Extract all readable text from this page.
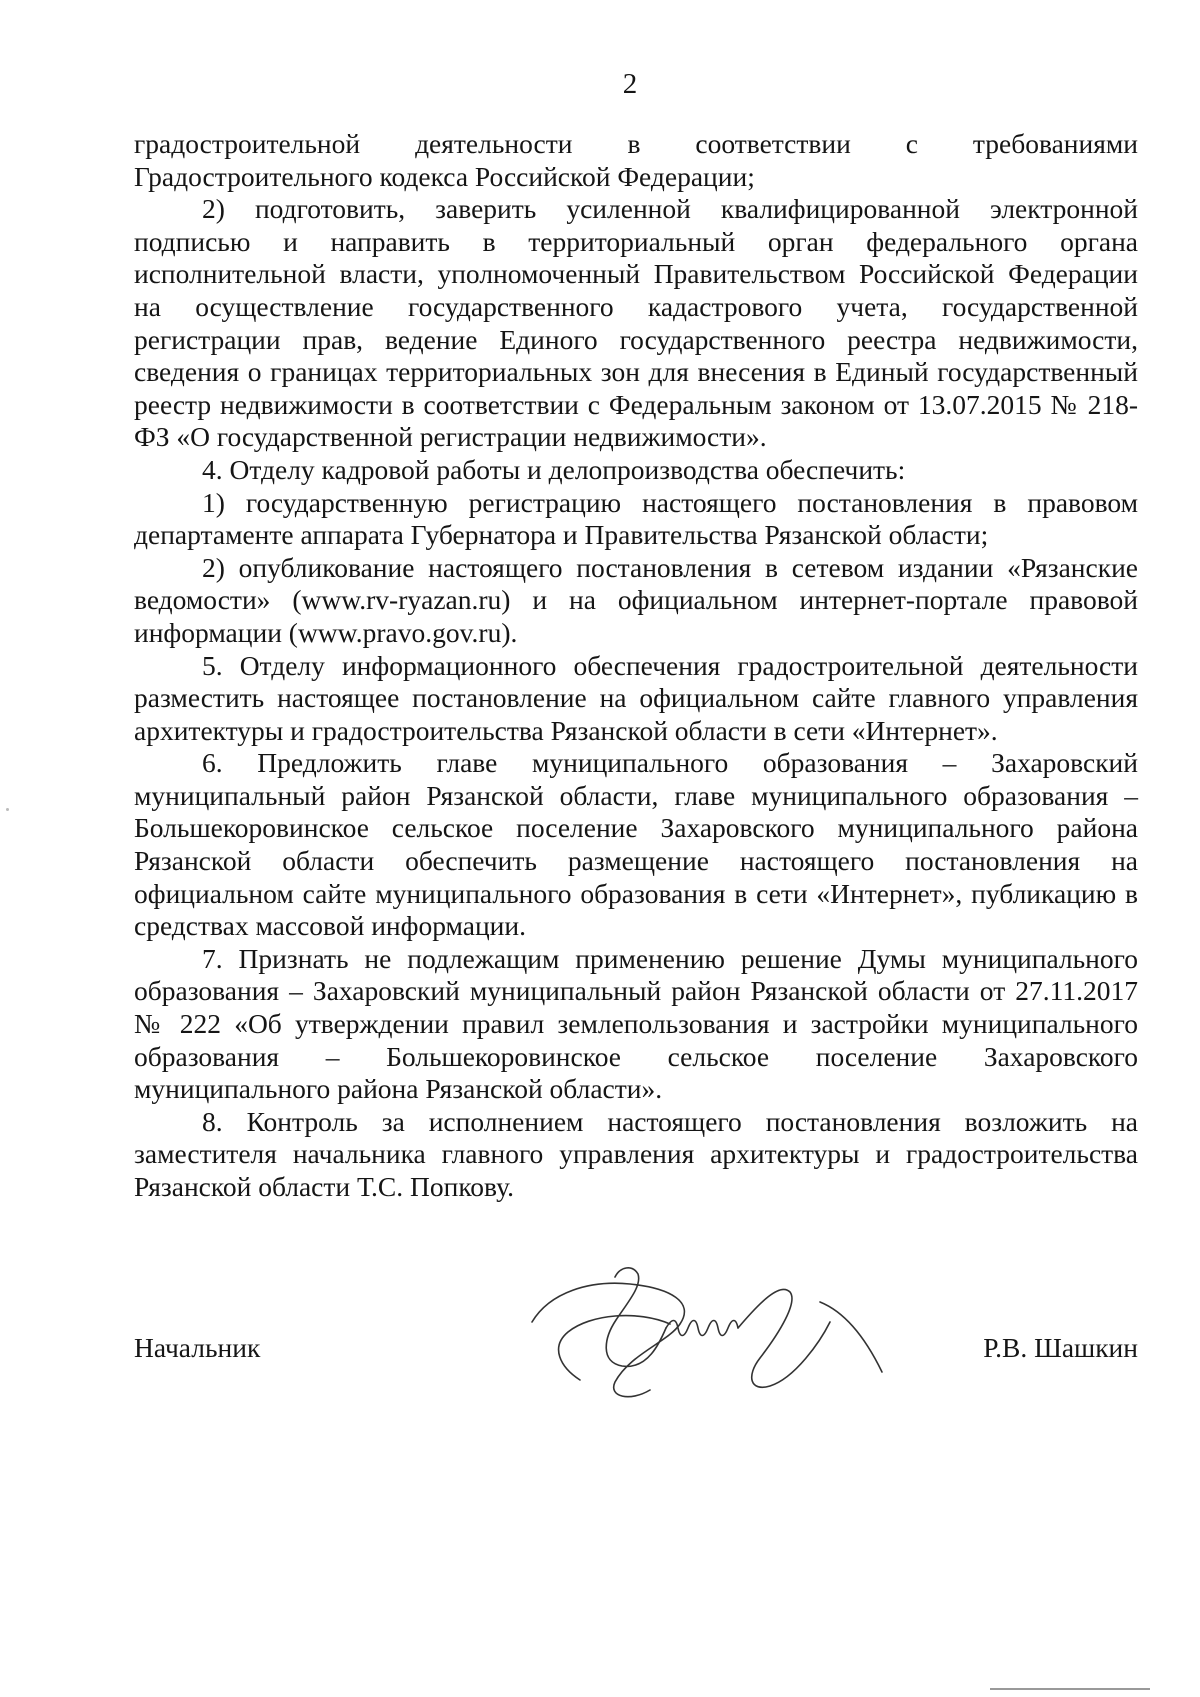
2

градостроительной деятельности в соответствии с требованиями Градостроительного кодекса Российской Федерации;

2) подготовить, заверить усиленной квалифицированной электронной подписью и направить в территориальный орган федерального органа исполнительной власти, уполномоченный Правительством Российской Федерации на осуществление государственного кадастрового учета, государственной регистрации прав, ведение Единого государственного реестра недвижимости, сведения о границах территориальных зон для внесения в Единый государственный реестр недвижимости в соответствии с Федеральным законом от 13.07.2015 № 218-ФЗ «О государственной регистрации недвижимости».

4. Отделу кадровой работы и делопроизводства обеспечить:

1) государственную регистрацию настоящего постановления в правовом департаменте аппарата Губернатора и Правительства Рязанской области;

2) опубликование настоящего постановления в сетевом издании «Рязанские ведомости» (www.rv-ryazan.ru) и на официальном интернет-портале правовой информации (www.pravo.gov.ru).

5. Отделу информационного обеспечения градостроительной деятельности разместить настоящее постановление на официальном сайте главного управления архитектуры и градостроительства Рязанской области в сети «Интернет».

6. Предложить главе муниципального образования – Захаровский муниципальный район Рязанской области, главе муниципального образования – Большекоровинское сельское поселение Захаровского муниципального района Рязанской области обеспечить размещение настоящего постановления на официальном сайте муниципального образования в сети «Интернет», публикацию в средствах массовой информации.

7. Признать не подлежащим применению решение Думы муниципального образования – Захаровский муниципальный район Рязанской области от 27.11.2017 № 222 «Об утверждении правил землепользования и застройки муниципального образования – Большекоровинское сельское поселение Захаровского муниципального района Рязанской области».

8. Контроль за исполнением настоящего постановления возложить на заместителя начальника главного управления архитектуры и градостроительства Рязанской области Т.С. Попкову.

Начальник	Р.В. Шашкин
